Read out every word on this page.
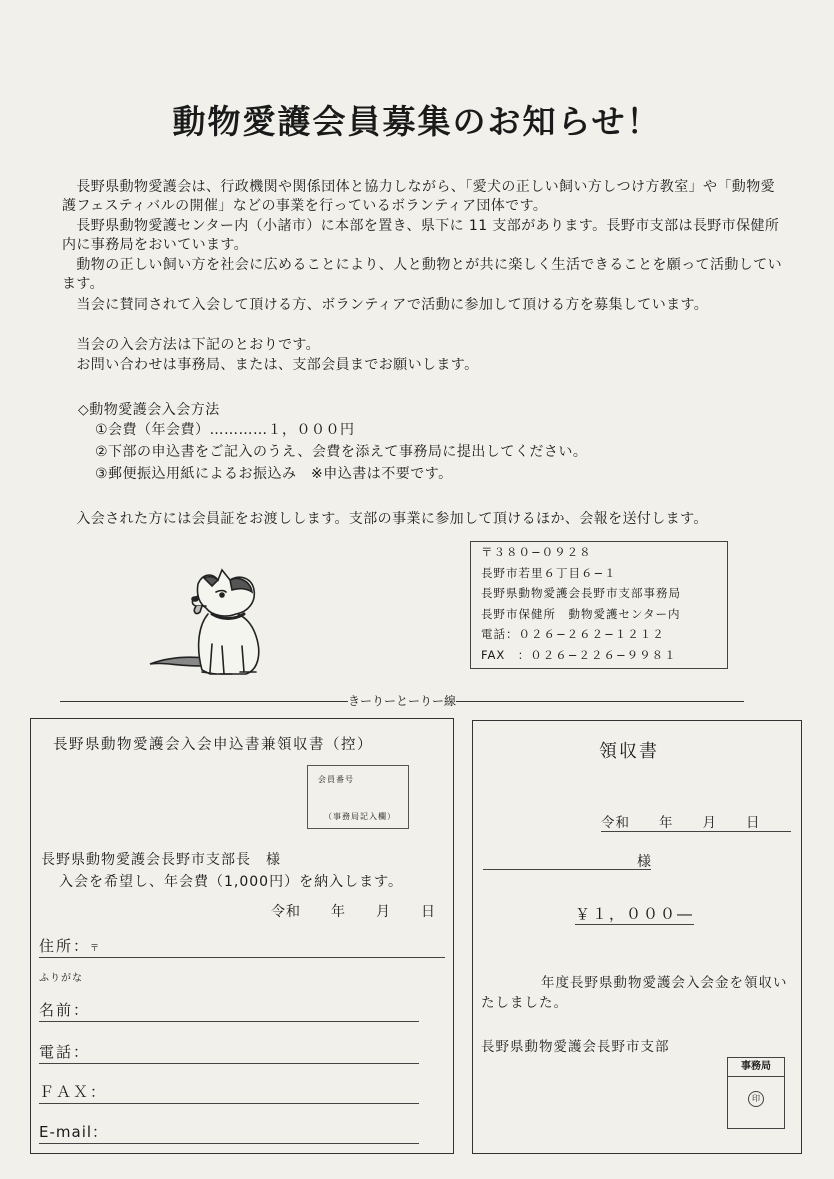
動物愛護会員募集のお知らせ！
　長野県動物愛護会は、行政機関や関係団体と協力しながら、「愛犬の正しい飼い方しつけ方教室」や「動物愛護フェスティバルの開催」などの事業を行っているボランティア団体です。
　長野県動物愛護センター内（小諸市）に本部を置き、県下に 11 支部があります。長野市支部は長野市保健所内に事務局をおいています。
　動物の正しい飼い方を社会に広めることにより、人と動物とが共に楽しく生活できることを願って活動しています。
　当会に賛同されて入会して頂ける方、ボランティアで活動に参加して頂ける方を募集しています。
　当会の入会方法は下記のとおりです。
　お問い合わせは事務局、または、支部会員までお願いします。
◇動物愛護会入会方法
①会費（年会費）…………１，０００円
②下部の申込書をご記入のうえ、会費を添えて事務局に提出してください。
③郵便振込用紙によるお振込み　※申込書は不要です。
　入会された方には会員証をお渡しします。支部の事業に参加して頂けるほか、会報を送付します。
〒３８０−０９２８
長野市若里６丁目６−１
長野県動物愛護会長野市支部事務局
長野市保健所　動物愛護センター内
電話：０２６−２６２−１２１２
FAX　：０２６−２２６−９９８１
――――――――――――――――――――――――きーりーとーりー線――――――――――――――――――――――――
長野県動物愛護会入会申込書兼領収書（控）
会員番号
（事務局記入欄）
長野県動物愛護会長野市支部長　様
入会を希望し、年会費（1,000円）を納入します。
令和　　年　　月　　日
住所：〒
ふりがな
名前：
電話：
ＦＡＸ：
E-mail：
領収書
令和　　年　　月　　日
様
￥１，０００―
年度長野県動物愛護会入会金を領収いたしました。
長野県動物愛護会長野市支部
事務局
印
